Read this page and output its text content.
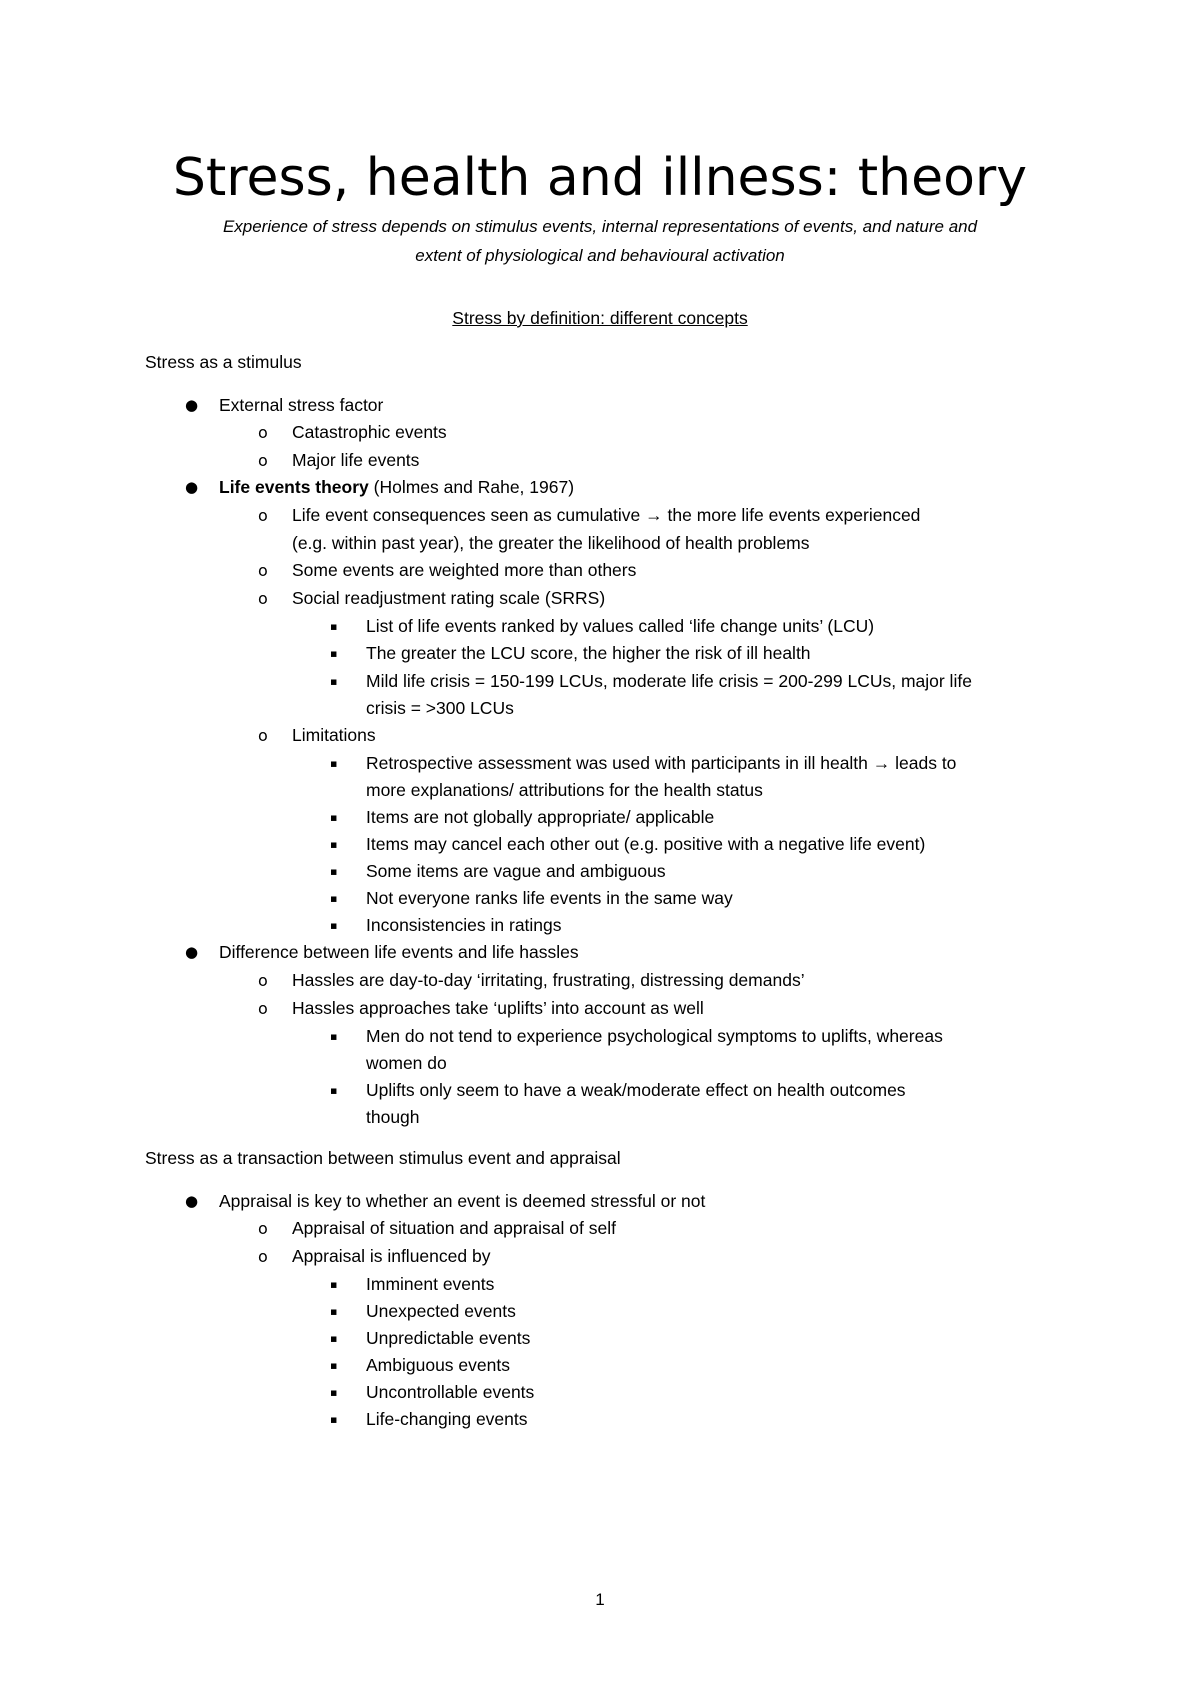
Stress, health and illness: theory
Experience of stress depends on stimulus events, internal representations of events, and nature and
extent of physiological and behavioural activation
Stress by definition: different concepts
Stress as a stimulus
● External stress factor
o Catastrophic events
o Major life events
● Life events theory (Holmes and Rahe, 1967)
o Life event consequences seen as cumulative → the more life events experienced
(e.g. within past year), the greater the likelihood of health problems
o Some events are weighted more than others
o Social readjustment rating scale (SRRS)
▪ List of life events ranked by values called ‘life change units’ (LCU)
▪ The greater the LCU score, the higher the risk of ill health
▪ Mild life crisis = 150-199 LCUs, moderate life crisis = 200-299 LCUs, major life
crisis = >300 LCUs
o Limitations
▪ Retrospective assessment was used with participants in ill health → leads to
more explanations/ attributions for the health status
▪ Items are not globally appropriate/ applicable
▪ Items may cancel each other out (e.g. positive with a negative life event)
▪ Some items are vague and ambiguous
▪ Not everyone ranks life events in the same way
▪ Inconsistencies in ratings
● Difference between life events and life hassles
o Hassles are day-to-day ‘irritating, frustrating, distressing demands’
o Hassles approaches take ‘uplifts’ into account as well
▪ Men do not tend to experience psychological symptoms to uplifts, whereas
women do
▪ Uplifts only seem to have a weak/moderate effect on health outcomes
though
Stress as a transaction between stimulus event and appraisal
● Appraisal is key to whether an event is deemed stressful or not
o Appraisal of situation and appraisal of self
o Appraisal is influenced by
▪ Imminent events
▪ Unexpected events
▪ Unpredictable events
▪ Ambiguous events
▪ Uncontrollable events
▪ Life-changing events
1
